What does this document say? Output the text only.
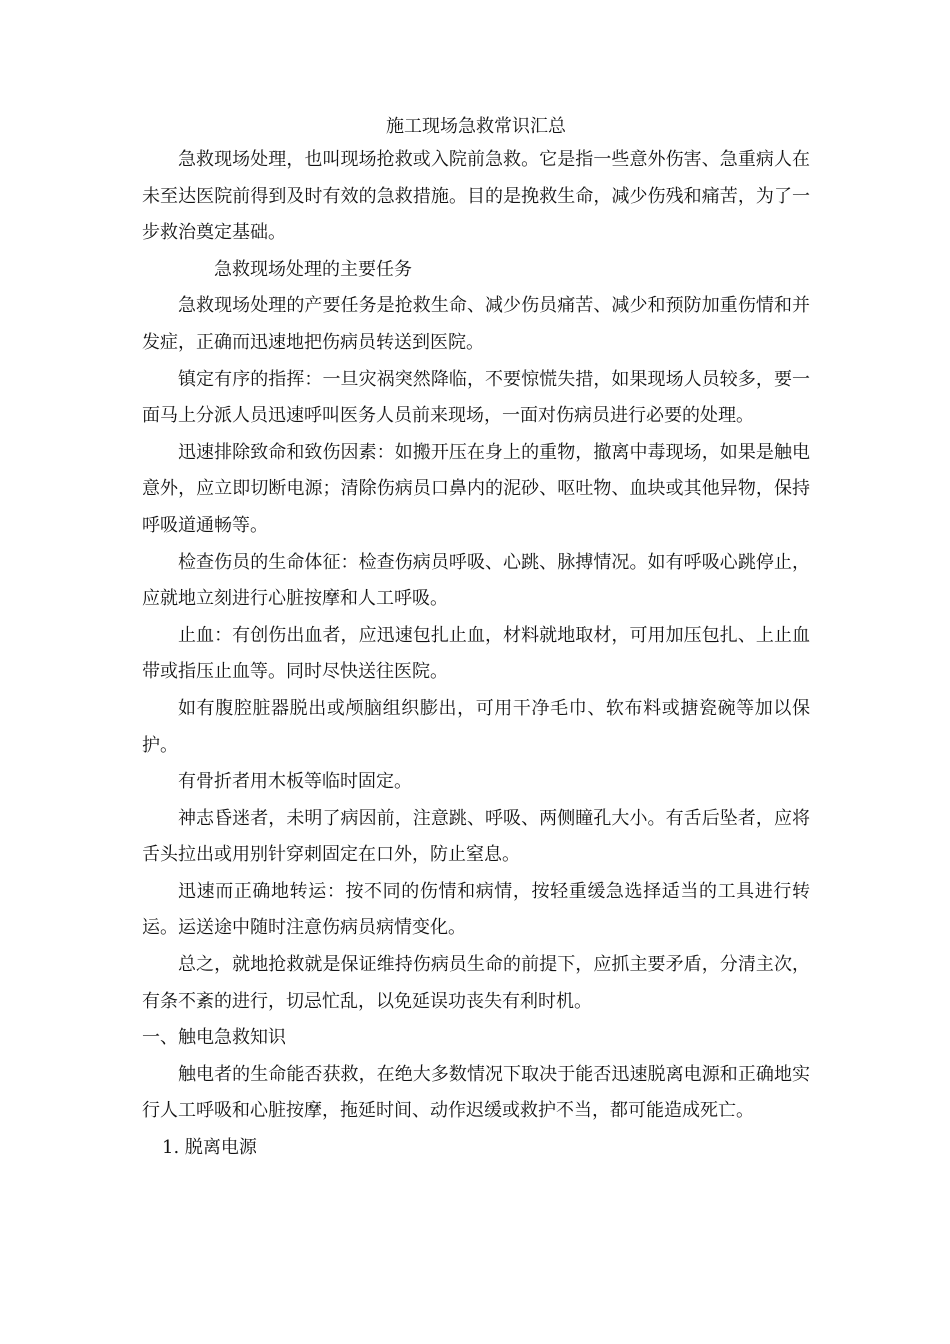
施工现场急救常识汇总

急救现场处理，也叫现场抢救或入院前急救。它是指一些意外伤害、急重病人在未至达医院前得到及时有效的急救措施。目的是挽救生命，减少伤残和痛苦，为了一步救治奠定基础。

急救现场处理的主要任务

急救现场处理的产要任务是抢救生命、减少伤员痛苦、减少和预防加重伤情和并发症，正确而迅速地把伤病员转送到医院。

镇定有序的指挥：一旦灾祸突然降临，不要惊慌失措，如果现场人员较多，要一面马上分派人员迅速呼叫医务人员前来现场，一面对伤病员进行必要的处理。

迅速排除致命和致伤因素：如搬开压在身上的重物，撤离中毒现场，如果是触电意外，应立即切断电源；清除伤病员口鼻内的泥砂、呕吐物、血块或其他异物，保持呼吸道通畅等。

检查伤员的生命体征：检查伤病员呼吸、心跳、脉搏情况。如有呼吸心跳停止，应就地立刻进行心脏按摩和人工呼吸。

止血：有创伤出血者，应迅速包扎止血，材料就地取材，可用加压包扎、上止血带或指压止血等。同时尽快送往医院。

如有腹腔脏器脱出或颅脑组织膨出，可用干净毛巾、软布料或搪瓷碗等加以保护。

有骨折者用木板等临时固定。

神志昏迷者，未明了病因前，注意跳、呼吸、两侧瞳孔大小。有舌后坠者，应将舌头拉出或用别针穿刺固定在口外，防止窒息。

迅速而正确地转运：按不同的伤情和病情，按轻重缓急选择适当的工具进行转运。运送途中随时注意伤病员病情变化。

总之，就地抢救就是保证维持伤病员生命的前提下，应抓主要矛盾，分清主次，有条不紊的进行，切忌忙乱，以免延误功丧失有利时机。

一、触电急救知识

触电者的生命能否获救，在绝大多数情况下取决于能否迅速脱离电源和正确地实行人工呼吸和心脏按摩，拖延时间、动作迟缓或救护不当，都可能造成死亡。

1. 脱离电源
